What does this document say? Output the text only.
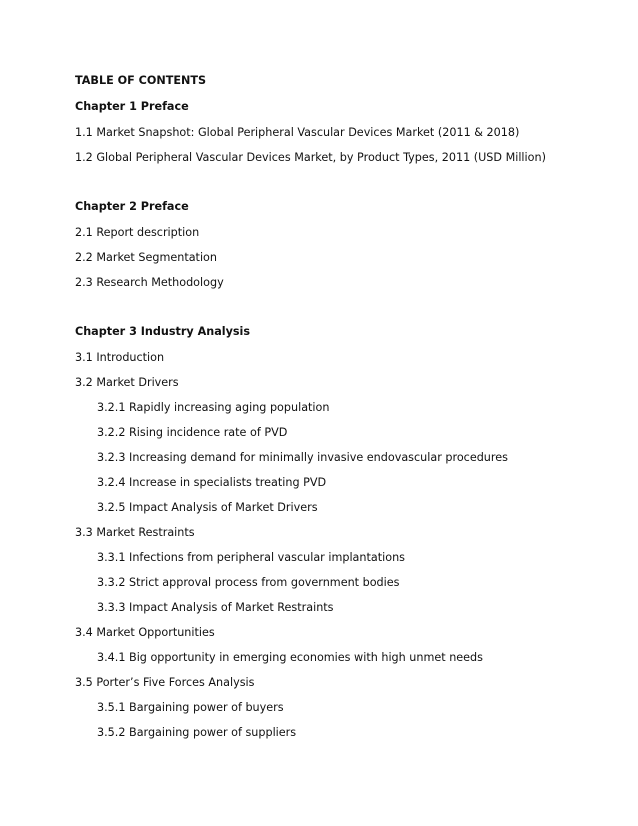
TABLE OF CONTENTS
Chapter 1 Preface
1.1 Market Snapshot: Global Peripheral Vascular Devices Market (2011 & 2018)
1.2 Global Peripheral Vascular Devices Market, by Product Types, 2011 (USD Million)
Chapter 2 Preface
2.1 Report description
2.2 Market Segmentation
2.3 Research Methodology
Chapter 3 Industry Analysis
3.1 Introduction
3.2 Market Drivers
3.2.1 Rapidly increasing aging population
3.2.2 Rising incidence rate of PVD
3.2.3 Increasing demand for minimally invasive endovascular procedures
3.2.4 Increase in specialists treating PVD
3.2.5 Impact Analysis of Market Drivers
3.3 Market Restraints
3.3.1 Infections from peripheral vascular implantations
3.3.2 Strict approval process from government bodies
3.3.3 Impact Analysis of Market Restraints
3.4 Market Opportunities
3.4.1 Big opportunity in emerging economies with high unmet needs
3.5 Porter’s Five Forces Analysis
3.5.1 Bargaining power of buyers
3.5.2 Bargaining power of suppliers
